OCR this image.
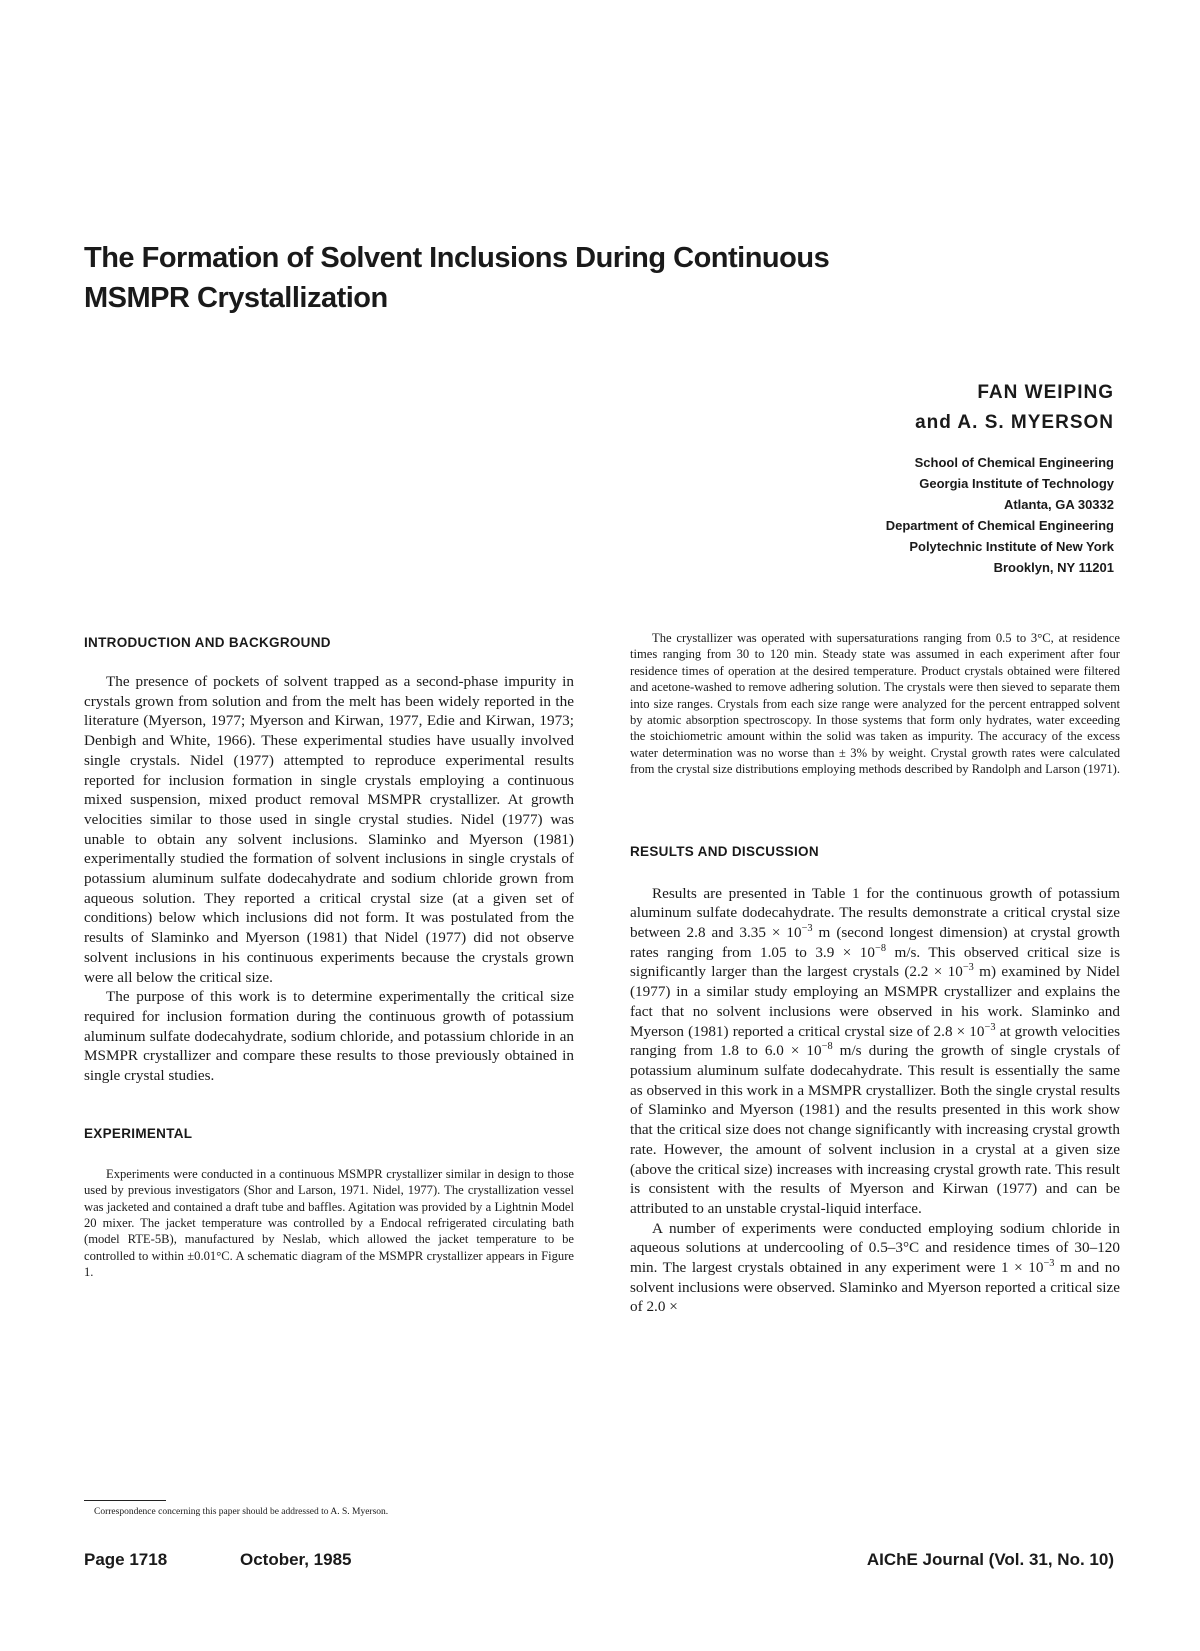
The Formation of Solvent Inclusions During Continuous
MSMPR Crystallization
FAN WEIPING
and A. S. MYERSON
School of Chemical Engineering
Georgia Institute of Technology
Atlanta, GA 30332
Department of Chemical Engineering
Polytechnic Institute of New York
Brooklyn, NY 11201
INTRODUCTION AND BACKGROUND

The presence of pockets of solvent trapped as a second-phase impurity in crystals grown from solution and from the melt has been widely reported in the literature (Myerson, 1977; Myerson and Kirwan, 1977, Edie and Kirwan, 1973; Denbigh and White, 1966). These experimental studies have usually involved single crystals. Nidel (1977) attempted to reproduce experimental results reported for inclusion formation in single crystals employing a continuous mixed suspension, mixed product removal MSMPR crystallizer. At growth velocities similar to those used in single crystal studies. Nidel (1977) was unable to obtain any solvent inclusions. Slaminko and Myerson (1981) experimentally studied the formation of solvent inclusions in single crystals of potassium aluminum sulfate dodecahydrate and sodium chloride grown from aqueous solution. They reported a critical crystal size (at a given set of conditions) below which inclusions did not form. It was postulated from the results of Slaminko and Myerson (1981) that Nidel (1977) did not observe solvent inclusions in his continuous experiments because the crystals grown were all below the critical size.

The purpose of this work is to determine experimentally the critical size required for inclusion formation during the continuous growth of potassium aluminum sulfate dodecahydrate, sodium chloride, and potassium chloride in an MSMPR crystallizer and compare these results to those previously obtained in single crystal studies.

EXPERIMENTAL

Experiments were conducted in a continuous MSMPR crystallizer similar in design to those used by previous investigators (Shor and Larson, 1971. Nidel, 1977). The crystallization vessel was jacketed and contained a draft tube and baffles. Agitation was provided by a Lightnin Model 20 mixer. The jacket temperature was controlled by a Endocal refrigerated circulating bath (model RTE-5B), manufactured by Neslab, which allowed the jacket temperature to be controlled to within ±0.01°C. A schematic diagram of the MSMPR crystallizer appears in Figure 1.

The crystallizer was operated with supersaturations ranging from 0.5 to 3°C, at residence times ranging from 30 to 120 min. Steady state was assumed in each experiment after four residence times of operation at the desired temperature. Product crystals obtained were filtered and acetone-washed to remove adhering solution. The crystals were then sieved to separate them into size ranges. Crystals from each size range were analyzed for the percent entrapped solvent by atomic absorption spectroscopy. In those systems that form only hydrates, water exceeding the stoichiometric amount within the solid was taken as impurity. The accuracy of the excess water determination was no worse than ± 3% by weight. Crystal growth rates were calculated from the crystal size distributions employing methods described by Randolph and Larson (1971).

RESULTS AND DISCUSSION

Results are presented in Table 1 for the continuous growth of potassium aluminum sulfate dodecahydrate. The results demonstrate a critical crystal size between 2.8 and $3.35 \times 10^{-3}$ m (second longest dimension) at crystal growth rates ranging from 1.05 to $3.9 \times 10^{-8}$ m/s. This observed critical size is significantly larger than the largest crystals ($2.2 \times 10^{-3}$ m) examined by Nidel (1977) in a similar study employing an MSMPR crystallizer and explains the fact that no solvent inclusions were observed in his work. Slaminko and Myerson (1981) reported a critical crystal size of $2.8 \times 10^{-3}$ at growth velocities ranging from 1.8 to $6.0 \times 10^{-8}$ m/s during the growth of single crystals of potassium aluminum sulfate dodecahydrate. This result is essentially the same as observed in this work in a MSMPR crystallizer. Both the single crystal results of Slaminko and Myerson (1981) and the results presented in this work show that the critical size does not change significantly with increasing crystal growth rate. However, the amount of solvent inclusion in a crystal at a given size (above the critical size) increases with increasing crystal growth rate. This result is consistent with the results of Myerson and Kirwan (1977) and can be attributed to an unstable crystal-liquid interface.

A number of experiments were conducted employing sodium chloride in aqueous solutions at undercooling of 0.5–3°C and residence times of 30–120 min. The largest crystals obtained in any experiment were $1 \times 10^{-3}$ m and no solvent inclusions were observed. Slaminko and Myerson reported a critical size of 2.0 ×

Correspondence concerning this paper should be addressed to A. S. Myerson.

Page 1718	October, 1985	AIChE Journal (Vol. 31, No. 10)
